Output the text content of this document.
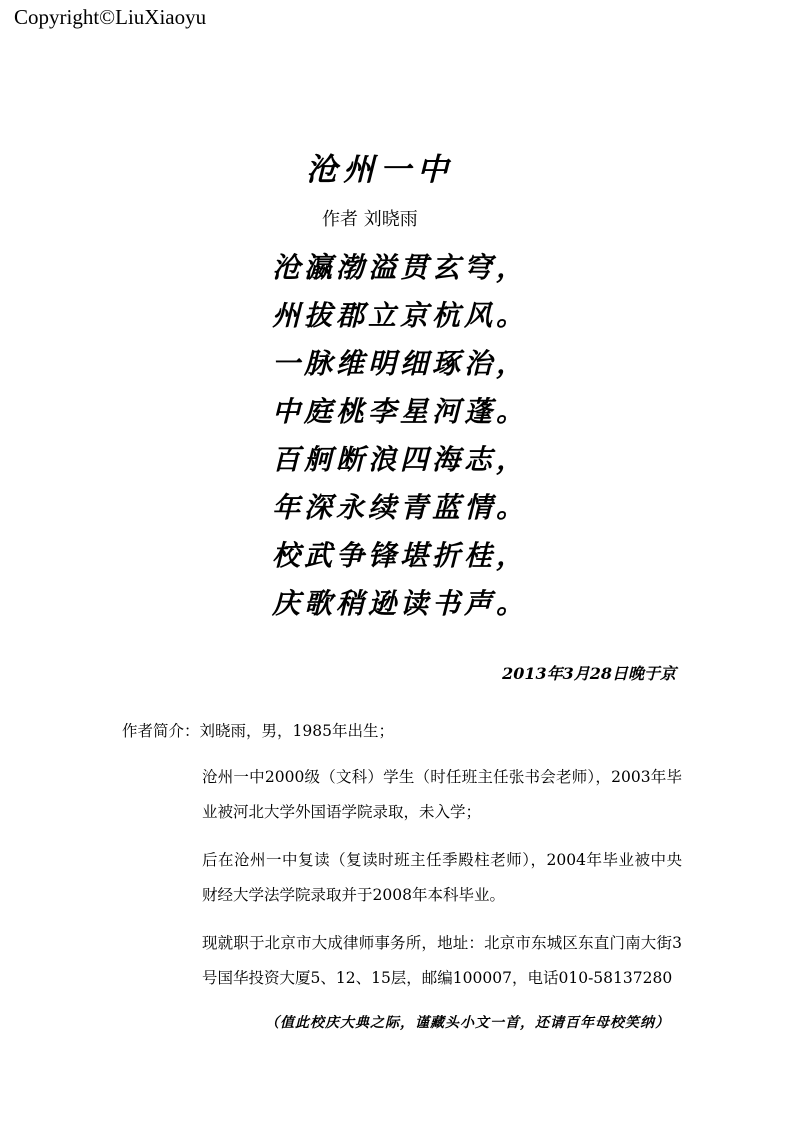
Copyright©LiuXiaoyu
沧州一中
作者 刘晓雨
沧瀛渤溢贯玄穹，
州拔郡立京杭风。
一脉维明细琢治，
中庭桃李星河蓬。
百舸断浪四海志，
年深永续青蓝情。
校武争锋堪折桂，
庆歌稍逊读书声。
2013年3月28日晚于京
作者简介：刘晓雨，男，1985年出生；

沧州一中2000级（文科）学生（时任班主任张书会老师），2003年毕业被河北大学外国语学院录取，未入学；

后在沧州一中复读（复读时班主任季殿柱老师），2004年毕业被中央财经大学法学院录取并于2008年本科毕业。

现就职于北京市大成律师事务所，地址：北京市东城区东直门南大街3号国华投资大厦5、12、15层，邮编100007，电话010-58137280

（值此校庆大典之际，谨藏头小文一首，还请百年母校笑纳）
